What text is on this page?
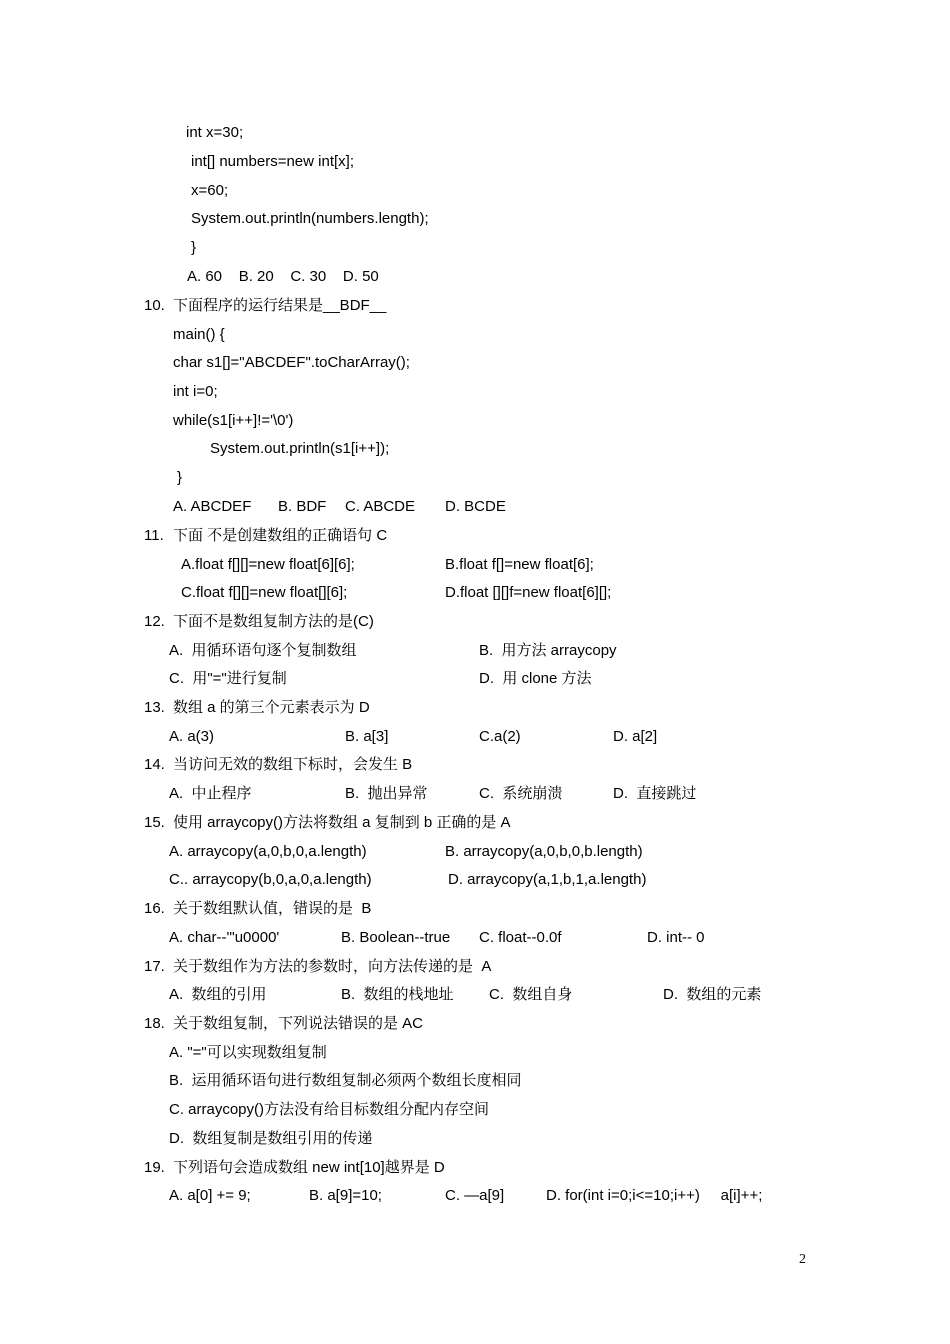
int x=30;
int[] numbers=new int[x];
x=60;
System.out.println(numbers.length);
}
A. 60    B. 20    C. 30    D. 50
10. 下面程序的运行结果是__BDF__
main() {
char s1[]="ABCDEF".toCharArray();
int i=0;
while(s1[i++]!='\0')
System.out.println(s1[i++]);
}
A. ABCDEF B. BDF C. ABCDE D. BCDE
11. 下面 不是创建数组的正确语句 C
A.float f[][]=new float[6][6];	B.float f[]=new float[6];
C.float f[][]=new float[][6];	D.float [][]f=new float[6][];
12. 下面不是数组复制方法的是(C)
A.  用循环语句逐个复制数组	B.  用方法 arraycopy
C.  用"="进行复制	D.  用 clone 方法
13. 数组 a 的第三个元素表示为 D
A. a(3)	B. a[3]	C.a(2)	D. a[2]
14. 当访问无效的数组下标时，会发生 B
A.  中止程序	B.  抛出异常	C.  系统崩溃	D.  直接跳过
15. 使用 arraycopy()方法将数组 a 复制到 b 正确的是 A
A. arraycopy(a,0,b,0,a.length)	B. arraycopy(a,0,b,0,b.length)
C.. arraycopy(b,0,a,0,a.length)	D. arraycopy(a,1,b,1,a.length)
16. 关于数组默认值，错误的是  B
A. char--'"u0000'	B. Boolean--true C. float--0.0f	D. int-- 0
17. 关于数组作为方法的参数时，向方法传递的是  A
A.  数组的引用	B.  数组的栈地址 C.  数组自身	D.  数组的元素
18. 关于数组复制，下列说法错误的是 AC
A. "="可以实现数组复制
B.  运用循环语句进行数组复制必须两个数组长度相同
C. arraycopy()方法没有给目标数组分配内存空间
D.  数组复制是数组引用的传递
19. 下列语句会造成数组 new int[10]越界是 D
A. a[0] += 9;	B. a[9]=10;	C. —a[9]	D. for(int i=0;i<=10;i++)     a[i]++;
2
